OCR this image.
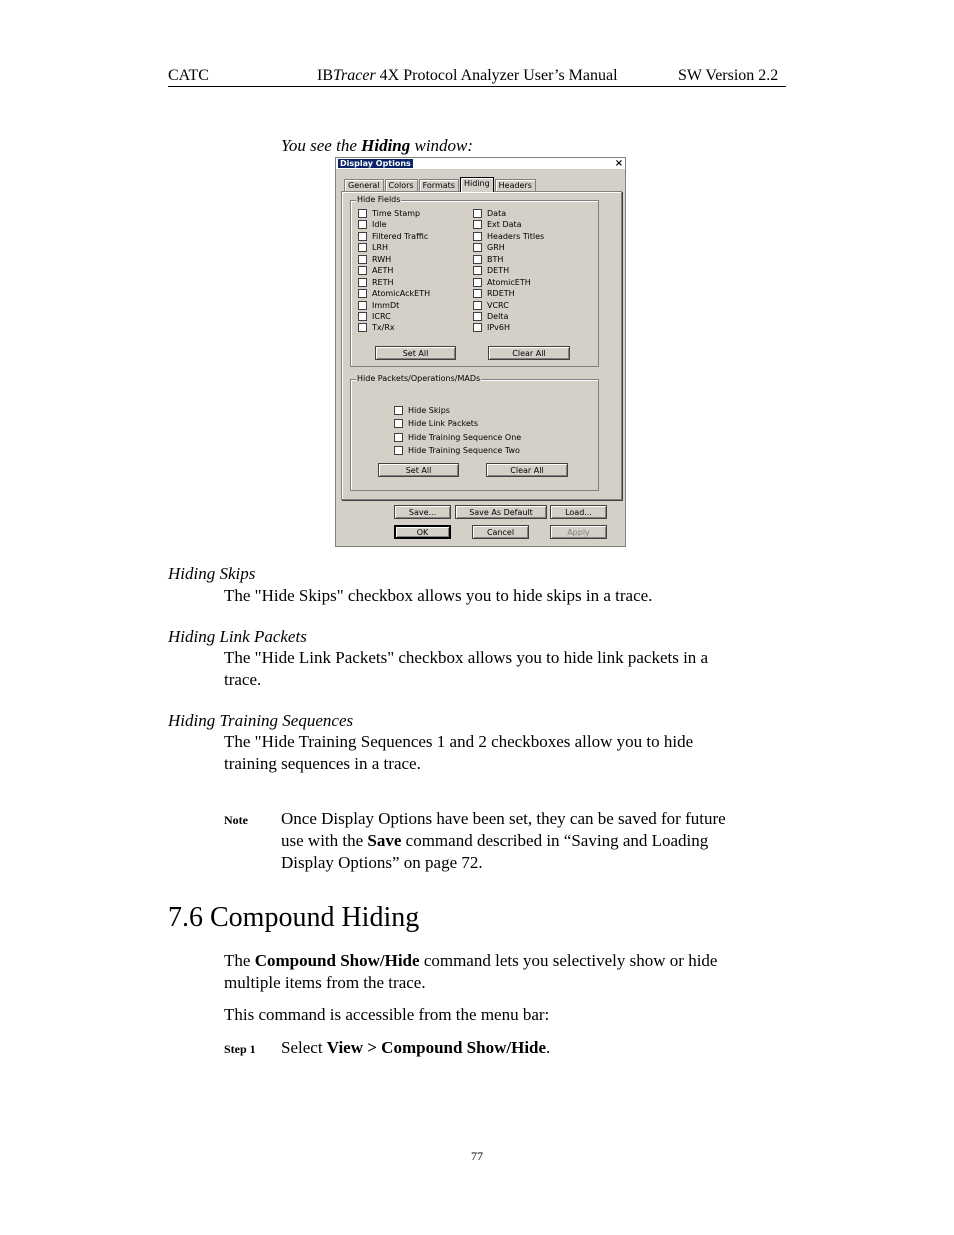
CATC	IBTracer 4X Protocol Analyzer User’s Manual	SW Version 2.2
You see the Hiding window:
Display Options	×
General	Colors	Formats	Hiding	Headers
Hide Fields
Time Stamp
Idle
Filtered Traffic
LRH
RWH
AETH
RETH
AtomicAckETH
ImmDt
ICRC
Tx/Rx
Data
Ext Data
Headers Titles
GRH
BTH
DETH
AtomicETH
RDETH
VCRC
Delta
IPv6H
Set All	Clear All
Hide Packets/Operations/MADs
Hide Skips
Hide Link Packets
Hide Training Sequence One
Hide Training Sequence Two
Set All	Clear All
Save...	Save As Default	Load...
OK	Cancel	Apply
Hiding Skips
The "Hide Skips" checkbox allows you to hide skips in a trace.
Hiding Link Packets
The "Hide Link Packets" checkbox allows you to hide link packets in a
trace.
Hiding Training Sequences
The "Hide Training Sequences 1 and 2 checkboxes allow you to hide
training sequences in a trace.
Note Once Display Options have been set, they can be saved for future
use with the Save command described in “Saving and Loading
Display Options” on page 72.
7.6 Compound Hiding
The Compound Show/Hide command lets you selectively show or hide
multiple items from the trace.
This command is accessible from the menu bar:
Step 1 Select View > Compound Show/Hide.
77
